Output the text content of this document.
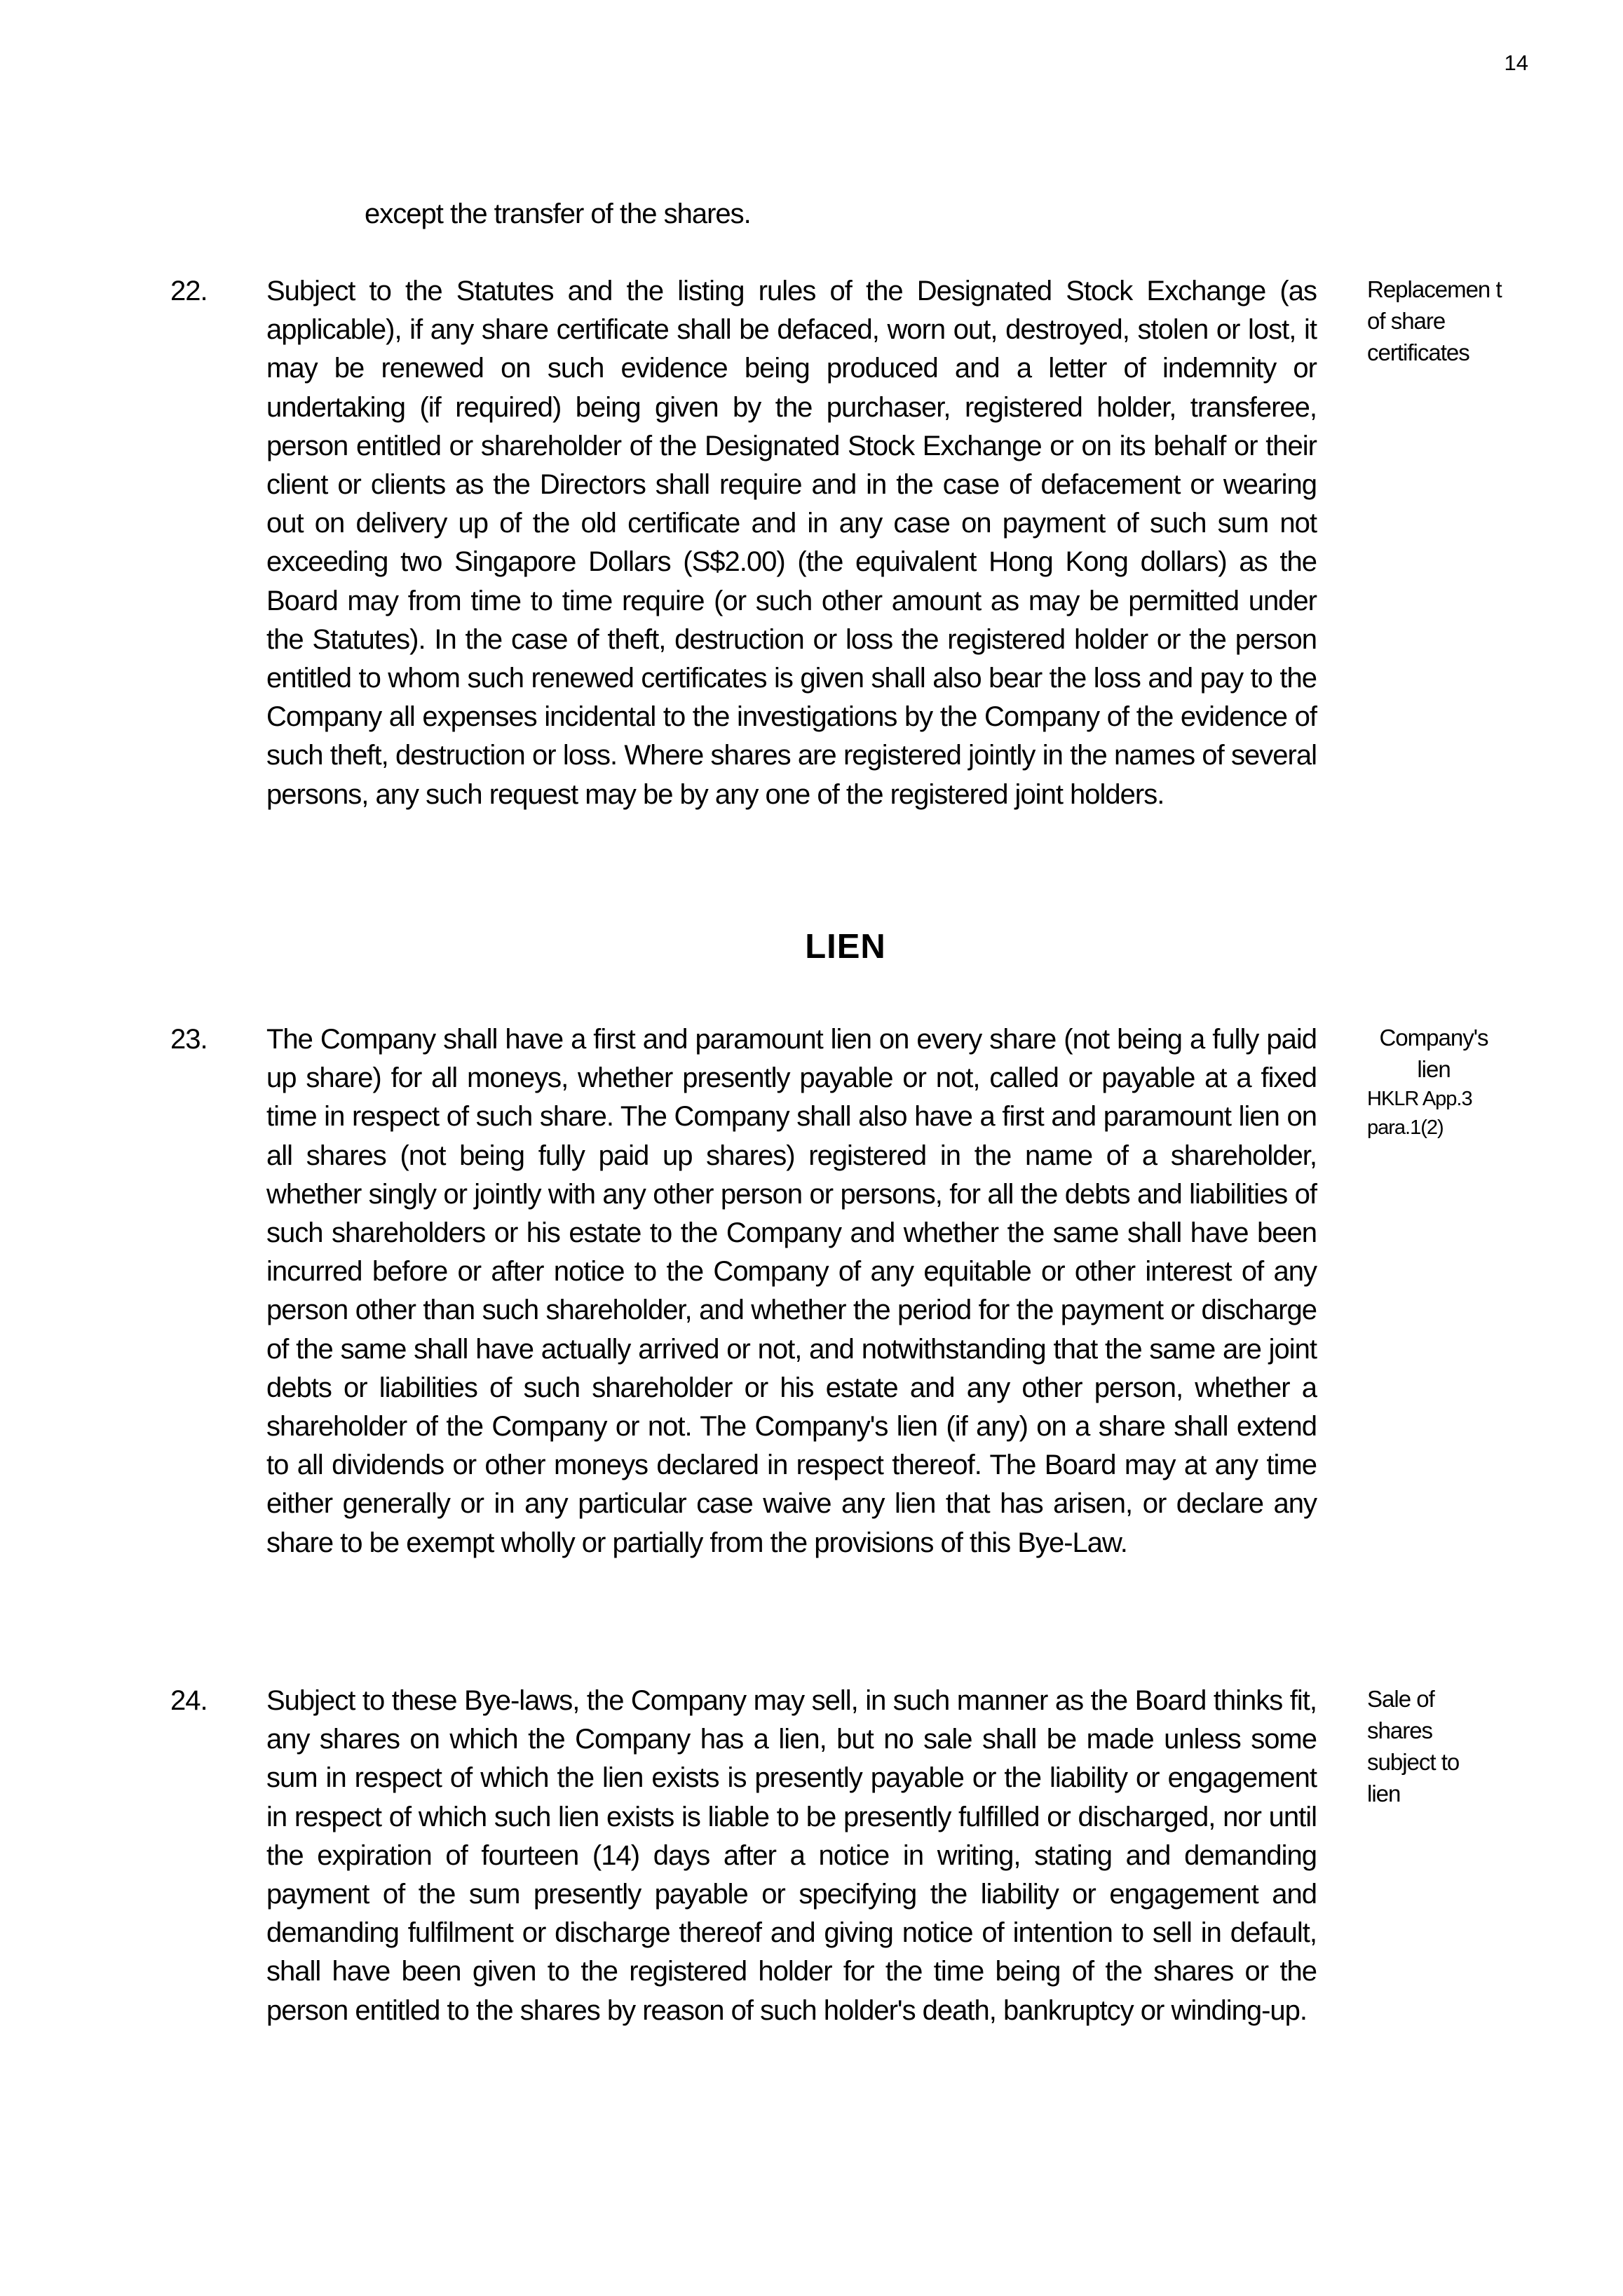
14
except the transfer of the shares.
22. Subject to the Statutes and the listing rules of the Designated Stock Exchange (as applicable), if any share certificate shall be defaced, worn out, destroyed, stolen or lost, it may be renewed on such evidence being produced and a letter of indemnity or undertaking (if required) being given by the purchaser, registered holder, transferee, person entitled or shareholder of the Designated Stock Exchange or on its behalf or their client or clients as the Directors shall require and in the case of defacement or wearing out on delivery up of the old certificate and in any case on payment of such sum not exceeding two Singapore Dollars (S$2.00) (the equivalent Hong Kong dollars) as the Board may from time to time require (or such other amount as may be permitted under the Statutes). In the case of theft, destruction or loss the registered holder or the person entitled to whom such renewed certificates is given shall also bear the loss and pay to the Company all expenses incidental to the investigations by the Company of the evidence of such theft, destruction or loss. Where shares are registered jointly in the names of several persons, any such request may be by any one of the registered joint holders.
Replacemen t of share certificates
LIEN
23. The Company shall have a first and paramount lien on every share (not being a fully paid up share) for all moneys, whether presently payable or not, called or payable at a fixed time in respect of such share. The Company shall also have a first and paramount lien on all shares (not being fully paid up shares) registered in the name of a shareholder, whether singly or jointly with any other person or persons, for all the debts and liabilities of such shareholders or his estate to the Company and whether the same shall have been incurred before or after notice to the Company of any equitable or other interest of any person other than such shareholder, and whether the period for the payment or discharge of the same shall have actually arrived or not, and notwithstanding that the same are joint debts or liabilities of such shareholder or his estate and any other person, whether a shareholder of the Company or not. The Company's lien (if any) on a share shall extend to all dividends or other moneys declared in respect thereof. The Board may at any time either generally or in any particular case waive any lien that has arisen, or declare any share to be exempt wholly or partially from the provisions of this Bye-Law.
Company's lien
HKLR App.3 para.1(2)
24. Subject to these Bye-laws, the Company may sell, in such manner as the Board thinks fit, any shares on which the Company has a lien, but no sale shall be made unless some sum in respect of which the lien exists is presently payable or the liability or engagement in respect of which such lien exists is liable to be presently fulfilled or discharged, nor until the expiration of fourteen (14) days after a notice in writing, stating and demanding payment of the sum presently payable or specifying the liability or engagement and demanding fulfilment or discharge thereof and giving notice of intention to sell in default, shall have been given to the registered holder for the time being of the shares or the person entitled to the shares by reason of such holder's death, bankruptcy or winding-up.
Sale of shares subject to lien
